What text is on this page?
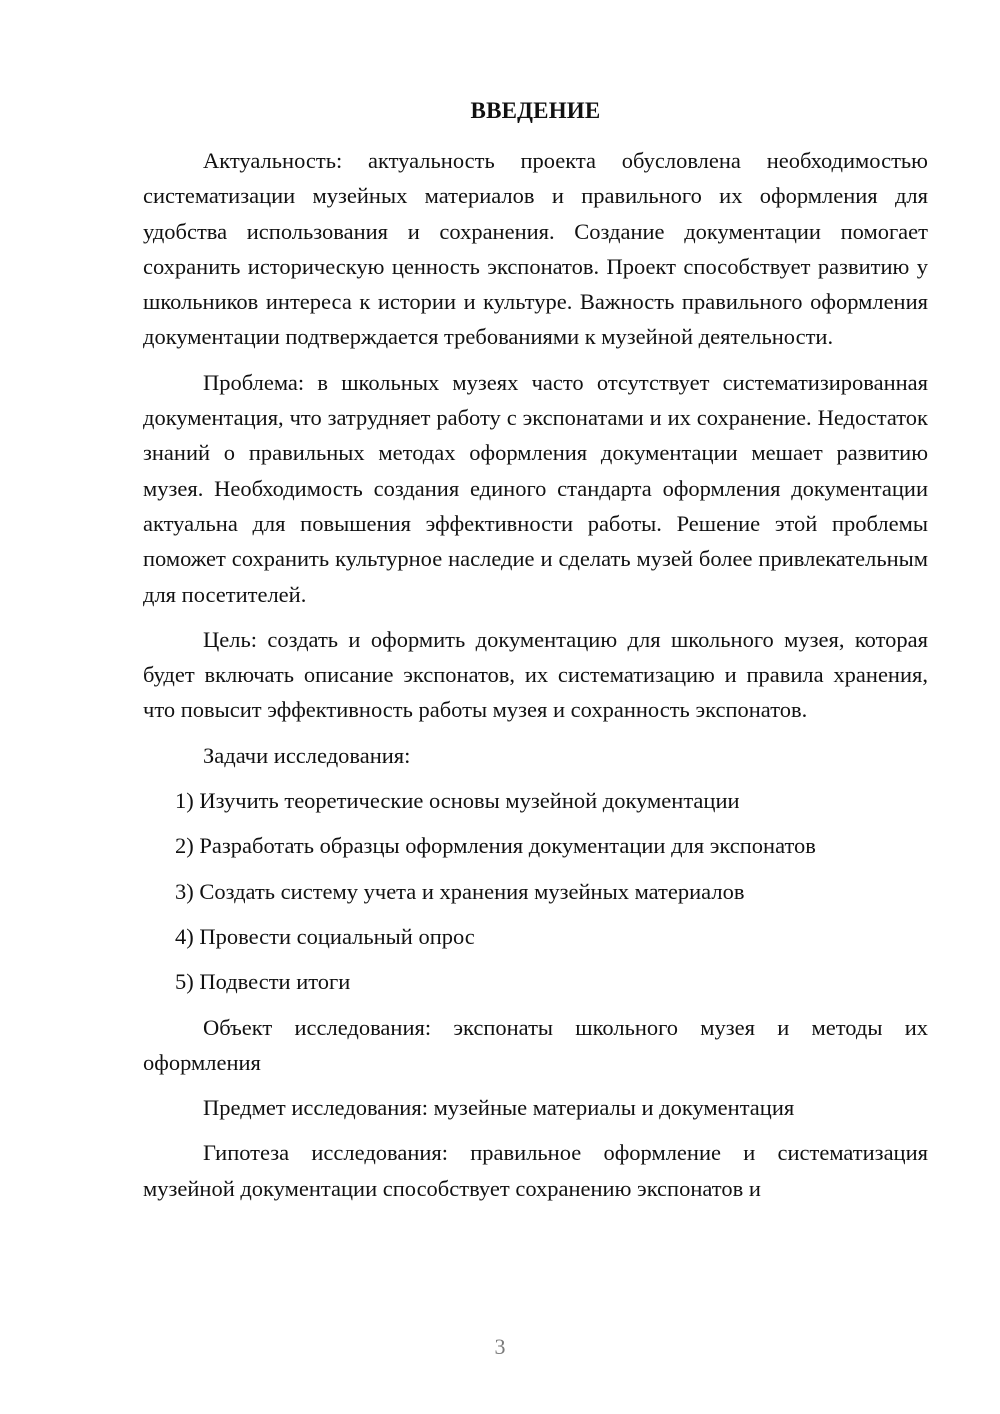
ВВЕДЕНИЕ

Актуальность: актуальность проекта обусловлена необходимостью систематизации музейных материалов и правильного их оформления для удобства использования и сохранения. Создание документации помогает сохранить историческую ценность экспонатов. Проект способствует развитию у школьников интереса к истории и культуре. Важность правильного оформления документации подтверждается требованиями к музейной деятельности.

Проблема: в школьных музеях часто отсутствует систематизированная документация, что затрудняет работу с экспонатами и их сохранение. Недостаток знаний о правильных методах оформления документации мешает развитию музея. Необходимость создания единого стандарта оформления документации актуальна для повышения эффективности работы. Решение этой проблемы поможет сохранить культурное наследие и сделать музей более привлекательным для посетителей.

Цель: создать и оформить документацию для школьного музея, которая будет включать описание экспонатов, их систематизацию и правила хранения, что повысит эффективность работы музея и сохранность экспонатов.

Задачи исследования:

1) Изучить теоретические основы музейной документации

2) Разработать образцы оформления документации для экспонатов

3) Создать систему учета и хранения музейных материалов

4) Провести социальный опрос

5) Подвести итоги

Объект исследования: экспонаты школьного музея и методы их оформления

Предмет исследования: музейные материалы и документация

Гипотеза исследования: правильное оформление и систематизация музейной документации способствует сохранению экспонатов и

3
